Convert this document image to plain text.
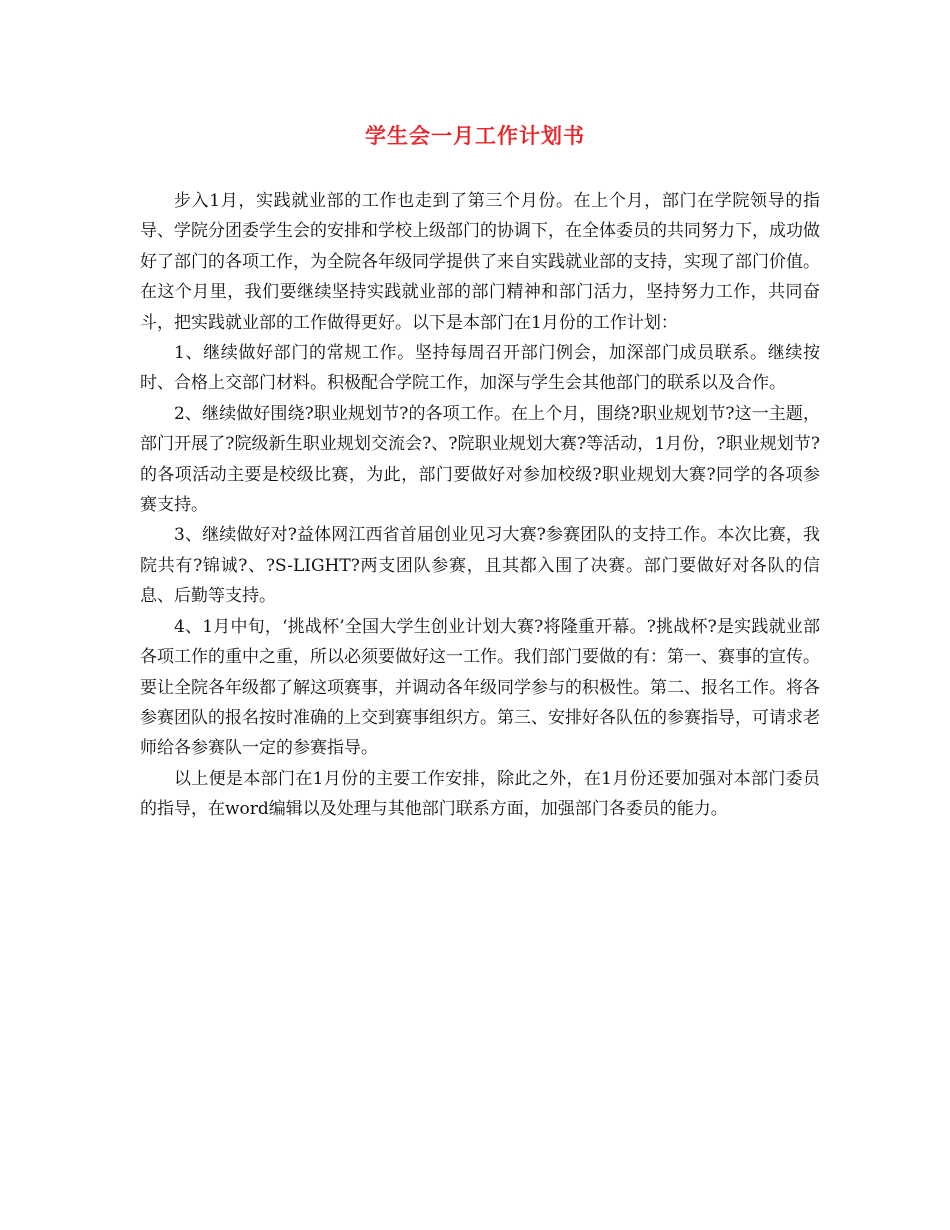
学生会一月工作计划书

步入1月，实践就业部的工作也走到了第三个月份。在上个月，部门在学院领导的指导、学院分团委学生会的安排和学校上级部门的协调下，在全体委员的共同努力下，成功做好了部门的各项工作，为全院各年级同学提供了来自实践就业部的支持，实现了部门价值。在这个月里，我们要继续坚持实践就业部的部门精神和部门活力，坚持努力工作，共同奋斗，把实践就业部的工作做得更好。以下是本部门在1月份的工作计划：

1、继续做好部门的常规工作。坚持每周召开部门例会，加深部门成员联系。继续按时、合格上交部门材料。积极配合学院工作，加深与学生会其他部门的联系以及合作。

2、继续做好围绕?职业规划节?的各项工作。在上个月，围绕?职业规划节?这一主题，部门开展了?院级新生职业规划交流会?、?院职业规划大赛?等活动，1月份，?职业规划节?的各项活动主要是校级比赛，为此，部门要做好对参加校级?职业规划大赛?同学的各项参赛支持。

3、继续做好对?益体网江西省首届创业见习大赛?参赛团队的支持工作。本次比赛，我院共有?锦诚?、?S-LIGHT?两支团队参赛，且其都入围了决赛。部门要做好对各队的信息、后勤等支持。

4、1月中旬，‘挑战杯’全国大学生创业计划大赛?将隆重开幕。?挑战杯?是实践就业部各项工作的重中之重，所以必须要做好这一工作。我们部门要做的有：第一、赛事的宣传。要让全院各年级都了解这项赛事，并调动各年级同学参与的积极性。第二、报名工作。将各参赛团队的报名按时准确的上交到赛事组织方。第三、安排好各队伍的参赛指导，可请求老师给各参赛队一定的参赛指导。

以上便是本部门在1月份的主要工作安排，除此之外，在1月份还要加强对本部门委员的指导，在word编辑以及处理与其他部门联系方面，加强部门各委员的能力。
